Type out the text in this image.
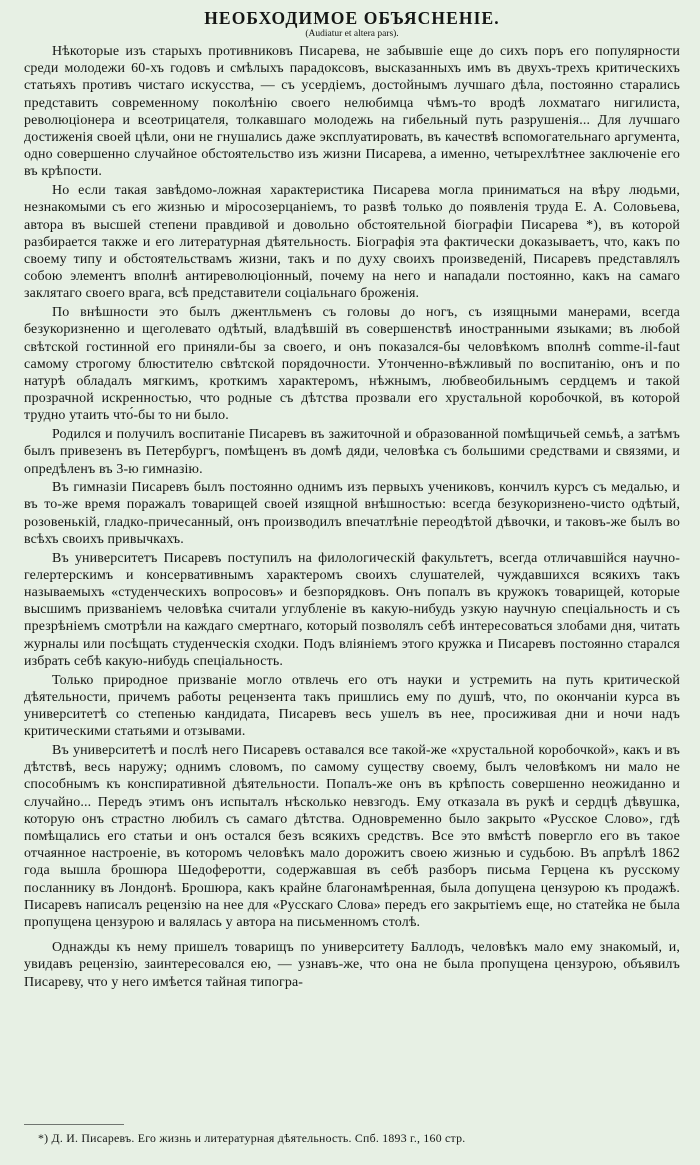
НЕОБХОДИМОЕ ОБЪЯСНЕНІЕ.
(Audiatur et altera pars).

Нѣкоторые изъ старыхъ противниковъ Писарева, не забывшіе еще до сихъ поръ его популярности среди молодежи 60-хъ годовъ и смѣлыхъ парадоксовъ, высказанныхъ имъ въ двухъ-трехъ критическихъ статьяхъ противъ чистаго искусства, — съ усердіемъ, достойнымъ лучшаго дѣла, постоянно старались представить современному поколѣнію своего нелюбимца чѣмъ-то вродѣ лохматаго нигилиста, революціонера и всеотрицателя, толкавшаго молодежь на гибельный путь разрушенія... Для лучшаго достиженія своей цѣли, они не гнушались даже эксплуатировать, въ качествѣ вспомогательнаго аргумента, одно совершенно случайное обстоятельство изъ жизни Писарева, а именно, четырехлѣтнее заключеніе его въ крѣпости.

Но если такая завѣдомо-ложная характеристика Писарева могла приниматься на вѣру людьми, незнакомыми съ его жизнью и міросозерцаніемъ, то развѣ только до появленія труда Е. А. Соловьева, автора въ высшей степени правдивой и довольно обстоятельной біографіи Писарева *), въ которой разбирается также и его литературная дѣятельность. Біографія эта фактически доказываетъ, что, какъ по своему типу и обстоятельствамъ жизни, такъ и по духу своихъ произведеній, Писаревъ представлялъ собою элементъ вполнѣ антиреволюціонный, почему на него и нападали постоянно, какъ на самаго заклятаго своего врага, всѣ представители соціальнаго броженія.

По внѣшности это былъ джентльменъ съ головы до ногъ, съ изящными манерами, всегда безукоризненно и щеголевато одѣтый, владѣвшій въ совершенствѣ иностранными языками; въ любой свѣтской гостинной его приняли-бы за своего, и онъ показался-бы человѣкомъ вполнѣ comme-il-faut самому строгому блюстителю свѣтской порядочности. Утонченно-вѣжливый по воспитанію, онъ и по натурѣ обладалъ мягкимъ, кроткимъ характеромъ, нѣжнымъ, любвеобильнымъ сердцемъ и такой прозрачной искренностью, что родные съ дѣтства прозвали его хрустальной коробочкой, въ которой трудно утаить что́-бы то ни было.

Родился и получилъ воспитаніе Писаревъ въ зажиточной и образованной помѣщичьей семьѣ, а затѣмъ былъ привезенъ въ Петербургъ, помѣщенъ въ домѣ дяди, человѣка съ большими средствами и связями, и опредѣленъ въ 3-ю гимназію.

Въ гимназіи Писаревъ былъ постоянно однимъ изъ первыхъ учениковъ, кончилъ курсъ съ медалью, и въ то-же время поражалъ товарищей своей изящной внѣшностью: всегда безукоризнено-чисто одѣтый, розовенькій, гладко-причесанный, онъ производилъ впечатлѣніе переодѣтой дѣвочки, и таковъ-же былъ во всѣхъ своихъ привычкахъ.

Въ университетъ Писаревъ поступилъ на филологическій факультетъ, всегда отличавшійся научно-гелертерскимъ и консервативнымъ характеромъ своихъ слушателей, чуждавшихся всякихъ такъ называемыхъ «студенческихъ вопросовъ» и безпорядковъ. Онъ попалъ въ кружокъ товарищей, которые высшимъ призваніемъ человѣка считали углубленіе въ какую-нибудь узкую научную спеціальность и съ презрѣніемъ смотрѣли на каждаго смертнаго, который позволялъ себѣ интересоваться злобами дня, читать журналы или посѣщать студенческія сходки. Подъ вліяніемъ этого кружка и Писаревъ постоянно старался избрать себѣ какую-нибудь спеціальность.

Только природное призваніе могло отвлечь его отъ науки и устремить на путь критической дѣятельности, причемъ работы рецензента такъ пришлись ему по душѣ, что, по окончаніи курса въ университетѣ со степенью кандидата, Писаревъ весь ушелъ въ нее, просиживая дни и ночи надъ критическими статьями и отзывами.

Въ университетѣ и послѣ него Писаревъ оставался все такой-же «хрустальной коробочкой», какъ и въ дѣтствѣ, весь наружу; однимъ словомъ, по самому существу своему, былъ человѣкомъ ни мало не способнымъ къ конспиративной дѣятельности. Попалъ-же онъ въ крѣпость совершенно неожиданно и случайно... Передъ этимъ онъ испыталъ нѣсколько невзгодъ. Ему отказала въ рукѣ и сердцѣ дѣвушка, которую онъ страстно любилъ съ самаго дѣтства. Одновременно было закрыто «Русское Слово», гдѣ помѣщались его статьи и онъ остался безъ всякихъ средствъ. Все это вмѣстѣ повергло его въ такое отчаянное настроеніе, въ которомъ человѣкъ мало дорожитъ своею жизнью и судьбою. Въ апрѣлѣ 1862 года вышла брошюра Шедоферотти, содержавшая въ себѣ разборъ письма Герцена къ русскому посланнику въ Лондонѣ. Брошюра, какъ крайне благонамѣренная, была допущена цензурою къ продажѣ. Писаревъ написалъ рецензію на нее для «Русскаго Слова» передъ его закрытіемъ еще, но статейка не была пропущена цензурою и валялась у автора на письменномъ столѣ.

Однажды къ нему пришелъ товарищъ по университету Баллодъ, человѣкъ мало ему знакомый, и, увидавъ рецензію, заинтересовался ею, — узнавъ-же, что она не была пропущена цензурою, объявилъ Писареву, что у него имѣется тайная типогра-

*) Д. И. Писаревъ. Его жизнь и литературная дѣятельность. Спб. 1893 г., 160 стр.
